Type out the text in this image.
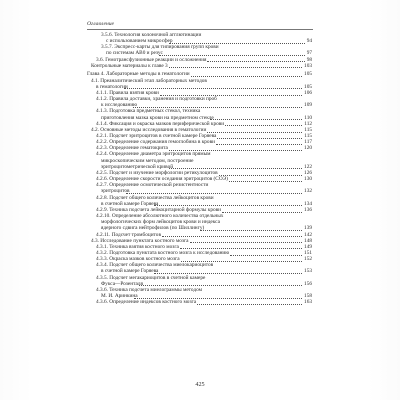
Оглавление
3.5.6. Технология колоночной агглютинации
с использованием микросфер	94
3.5.7. Экспресс-карты для типирования групп крови
по системам АВ0 и резус	97
3.6. Гемотрансфузионные реакции и осложнения	98
Контрольные материалы к главе 3	103
Глава 4. Лабораторные методы в гематологии	105
4.1. Преаналитический этап лабораторных методов
в гематологии	105
4.1.1. Правила взятия крови	106
4.1.2. Правила доставки, хранения и подготовки проб
к исследованию	109
4.1.3. Подготовка предметных стекол, техника
приготовления мазка крови на предметном стекле	110
4.1.4. Фиксация и окраска мазков периферической крови	112
4.2. Основные методы исследования в гематологии	115
4.2.1. Подсчет эритроцитов в счетной камере Горяева	115
4.2.2. Определение содержания гемоглобина в крови	117
4.2.3. Определение гематокрита	120
4.2.4. Определение диаметра эритроцитов прямым
микроскопическим методом, построение
эритроцитометрической кривой	122
4.2.5. Подсчет и изучение морфологии ретикулоцитов	126
4.2.6. Определение скорости оседания эритроцитов (СОЭ)	130
4.2.7. Определение осмотической резистентности
эритроцитов	132
4.2.8. Подсчет общего количества лейкоцитов крови
в счетной камере Горяева	134
4.2.9. Техника подсчета лейкоцитарной формулы крови	136
4.2.10. Определение абсолютного количества отдельных
морфологических форм лейкоцитов крови и индекса
ядерного сдвига нейтрофилов (по Шиллингу)	139
4.2.11. Подсчет тромбоцитов	142
4.3. Исследование пунктата костного мозга	148
4.3.1. Техника взятия костного мозга	149
4.3.2. Подготовка пунктата костного мозга к исследованию	151
4.3.3. Окраска мазков костного мозга	152
4.3.4. Подсчет общего количества миелокариоцитов
в счетной камере Горяева	153
4.3.5. Подсчет мегакариоцитов в счетной камере
Фукса—Розенталя	156
4.3.6. Техника подсчета миелограммы методом
М. И. Аринкина	158
4.3.6. Определение индексов костного мозга	163
425
